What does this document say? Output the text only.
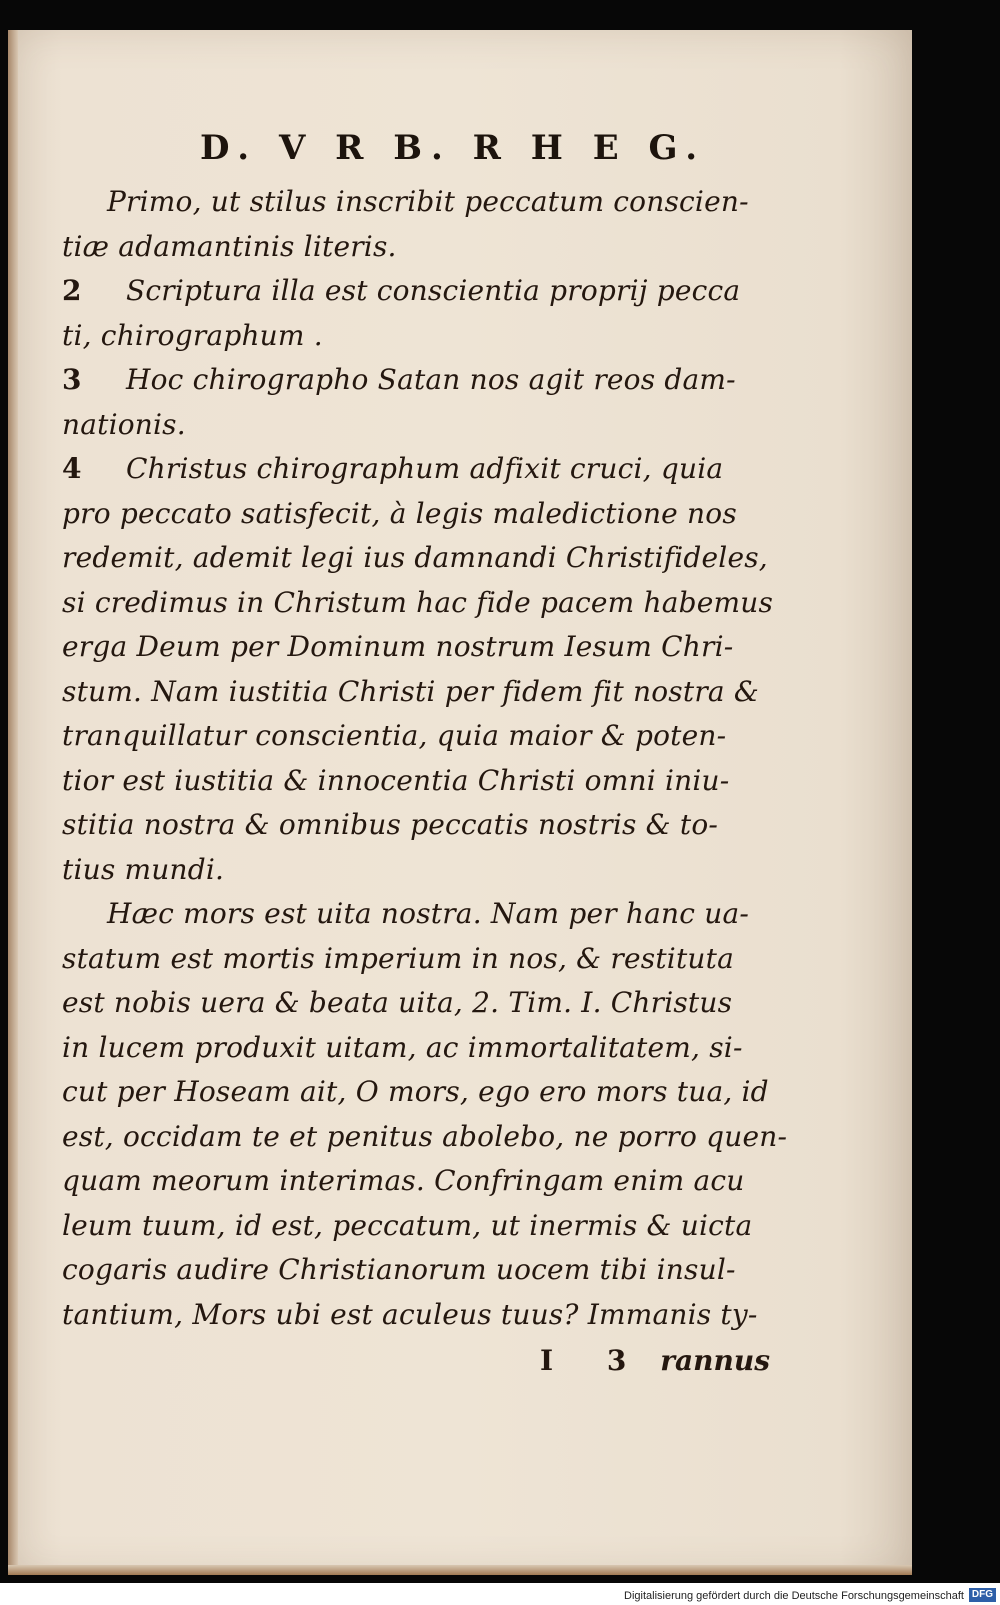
D. V R B. R H E G.
Primo, ut stilus inscribit peccatum conscien-
tiæ adamantinis literis.
2 Scriptura illa est conscientia proprij pecca
ti, chirographum .
3 Hoc chirographo Satan nos agit reos dam-
nationis.
4 Christus chirographum adfixit cruci, quia
pro peccato satisfecit, à legis maledictione nos
redemit, ademit legi ius damnandi Christifideles,
si credimus in Christum hac fide pacem habemus
erga Deum per Dominum nostrum Iesum Chri-
stum. Nam iustitia Christi per fidem fit nostra &
tranquillatur conscientia, quia maior & poten-
tior est iustitia & innocentia Christi omni iniu-
stitia nostra & omnibus peccatis nostris & to-
tius mundi.
Hæc mors est uita nostra. Nam per hanc ua-
statum est mortis imperium in nos, & restituta
est nobis uera & beata uita, 2. Tim. I. Christus
in lucem produxit uitam, ac immortalitatem, si-
cut per Hoseam ait, O mors, ego ero mors tua, id
est, occidam te et penitus abolebo, ne porro quen-
quam meorum interimas. Confringam enim acu
leum tuum, id est, peccatum, ut inermis & uicta
cogaris audire Christianorum uocem tibi insul-
tantium, Mors ubi est aculeus tuus? Immanis ty-
I 3 rannus
Digitalisierung gefördert durch die Deutsche Forschungsgemeinschaft DFG
